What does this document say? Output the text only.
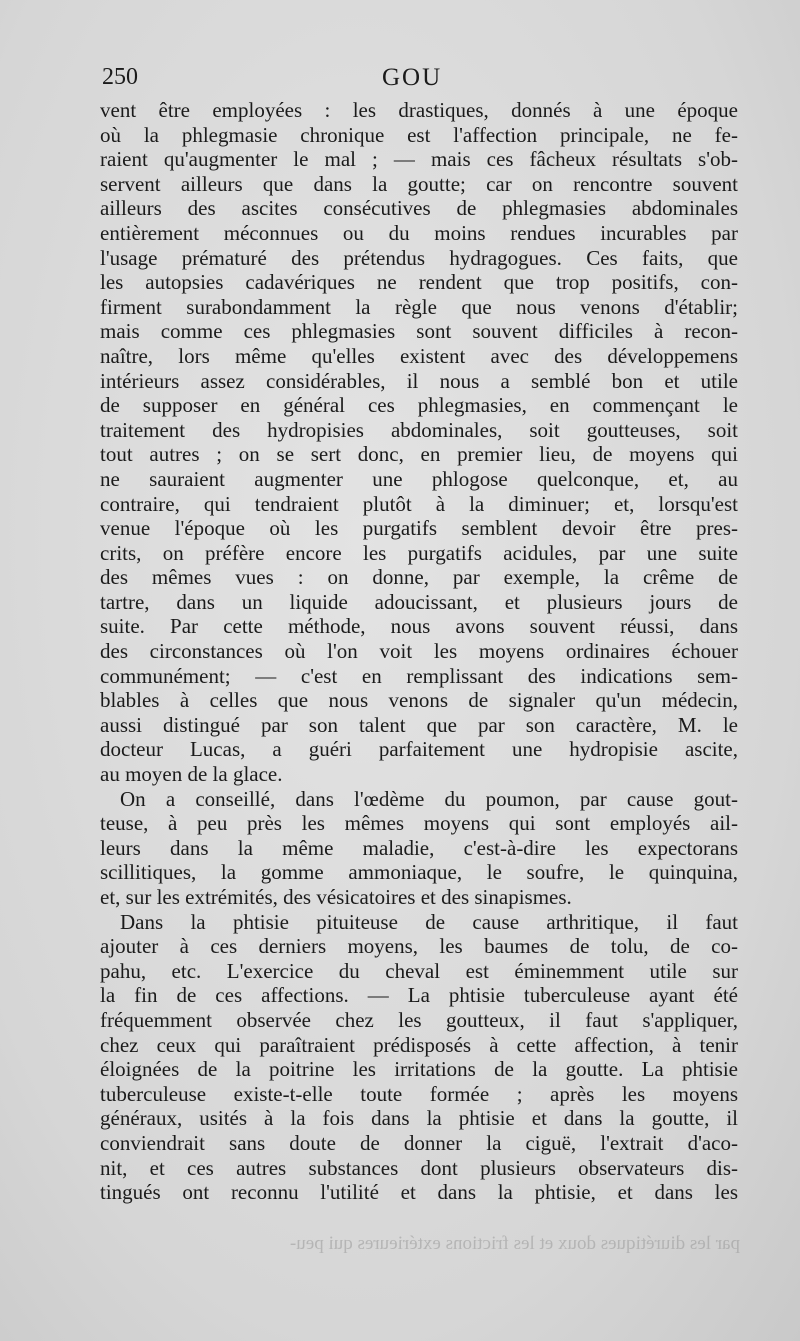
250	GOU
vent être employées : les drastiques, donnés à une époque
où la phlegmasie chronique est l'affection principale, ne fe-
raient qu'augmenter le mal ; — mais ces fâcheux résultats s'ob-
servent ailleurs que dans la goutte; car on rencontre souvent
ailleurs des ascites consécutives de phlegmasies abdominales
entièrement méconnues ou du moins rendues incurables par
l'usage prématuré des prétendus hydragogues. Ces faits, que
les autopsies cadavériques ne rendent que trop positifs, con-
firment surabondamment la règle que nous venons d'établir;
mais comme ces phlegmasies sont souvent difficiles à recon-
naître, lors même qu'elles existent avec des développemens
intérieurs assez considérables, il nous a semblé bon et utile
de supposer en général ces phlegmasies, en commençant le
traitement des hydropisies abdominales, soit goutteuses, soit
tout autres ; on se sert donc, en premier lieu, de moyens qui
ne sauraient augmenter une phlogose quelconque, et, au
contraire, qui tendraient plutôt à la diminuer; et, lorsqu'est
venue l'époque où les purgatifs semblent devoir être pres-
crits, on préfère encore les purgatifs acidules, par une suite
des mêmes vues : on donne, par exemple, la crême de
tartre, dans un liquide adoucissant, et plusieurs jours de
suite. Par cette méthode, nous avons souvent réussi, dans
des circonstances où l'on voit les moyens ordinaires échouer
communément; — c'est en remplissant des indications sem-
blables à celles que nous venons de signaler qu'un médecin,
aussi distingué par son talent que par son caractère, M. le
docteur Lucas, a guéri parfaitement une hydropisie ascite,
au moyen de la glace.
On a conseillé, dans l'œdème du poumon, par cause gout-
teuse, à peu près les mêmes moyens qui sont employés ail-
leurs dans la même maladie, c'est-à-dire les expectorans
scillitiques, la gomme ammoniaque, le soufre, le quinquina,
et, sur les extrémités, des vésicatoires et des sinapismes.
Dans la phtisie pituiteuse de cause arthritique, il faut
ajouter à ces derniers moyens, les baumes de tolu, de co-
pahu, etc. L'exercice du cheval est éminemment utile sur
la fin de ces affections. — La phtisie tuberculeuse ayant été
fréquemment observée chez les goutteux, il faut s'appliquer,
chez ceux qui paraîtraient prédisposés à cette affection, à tenir
éloignées de la poitrine les irritations de la goutte. La phtisie
tuberculeuse existe-t-elle toute formée ; après les moyens
généraux, usités à la fois dans la phtisie et dans la goutte, il
conviendrait sans doute de donner la ciguë, l'extrait d'aco-
nit, et ces autres substances dont plusieurs observateurs dis-
tingués ont reconnu l'utilité et dans la phtisie, et dans les
par les diurétiques doux et les frictions extérieures qui peu-
